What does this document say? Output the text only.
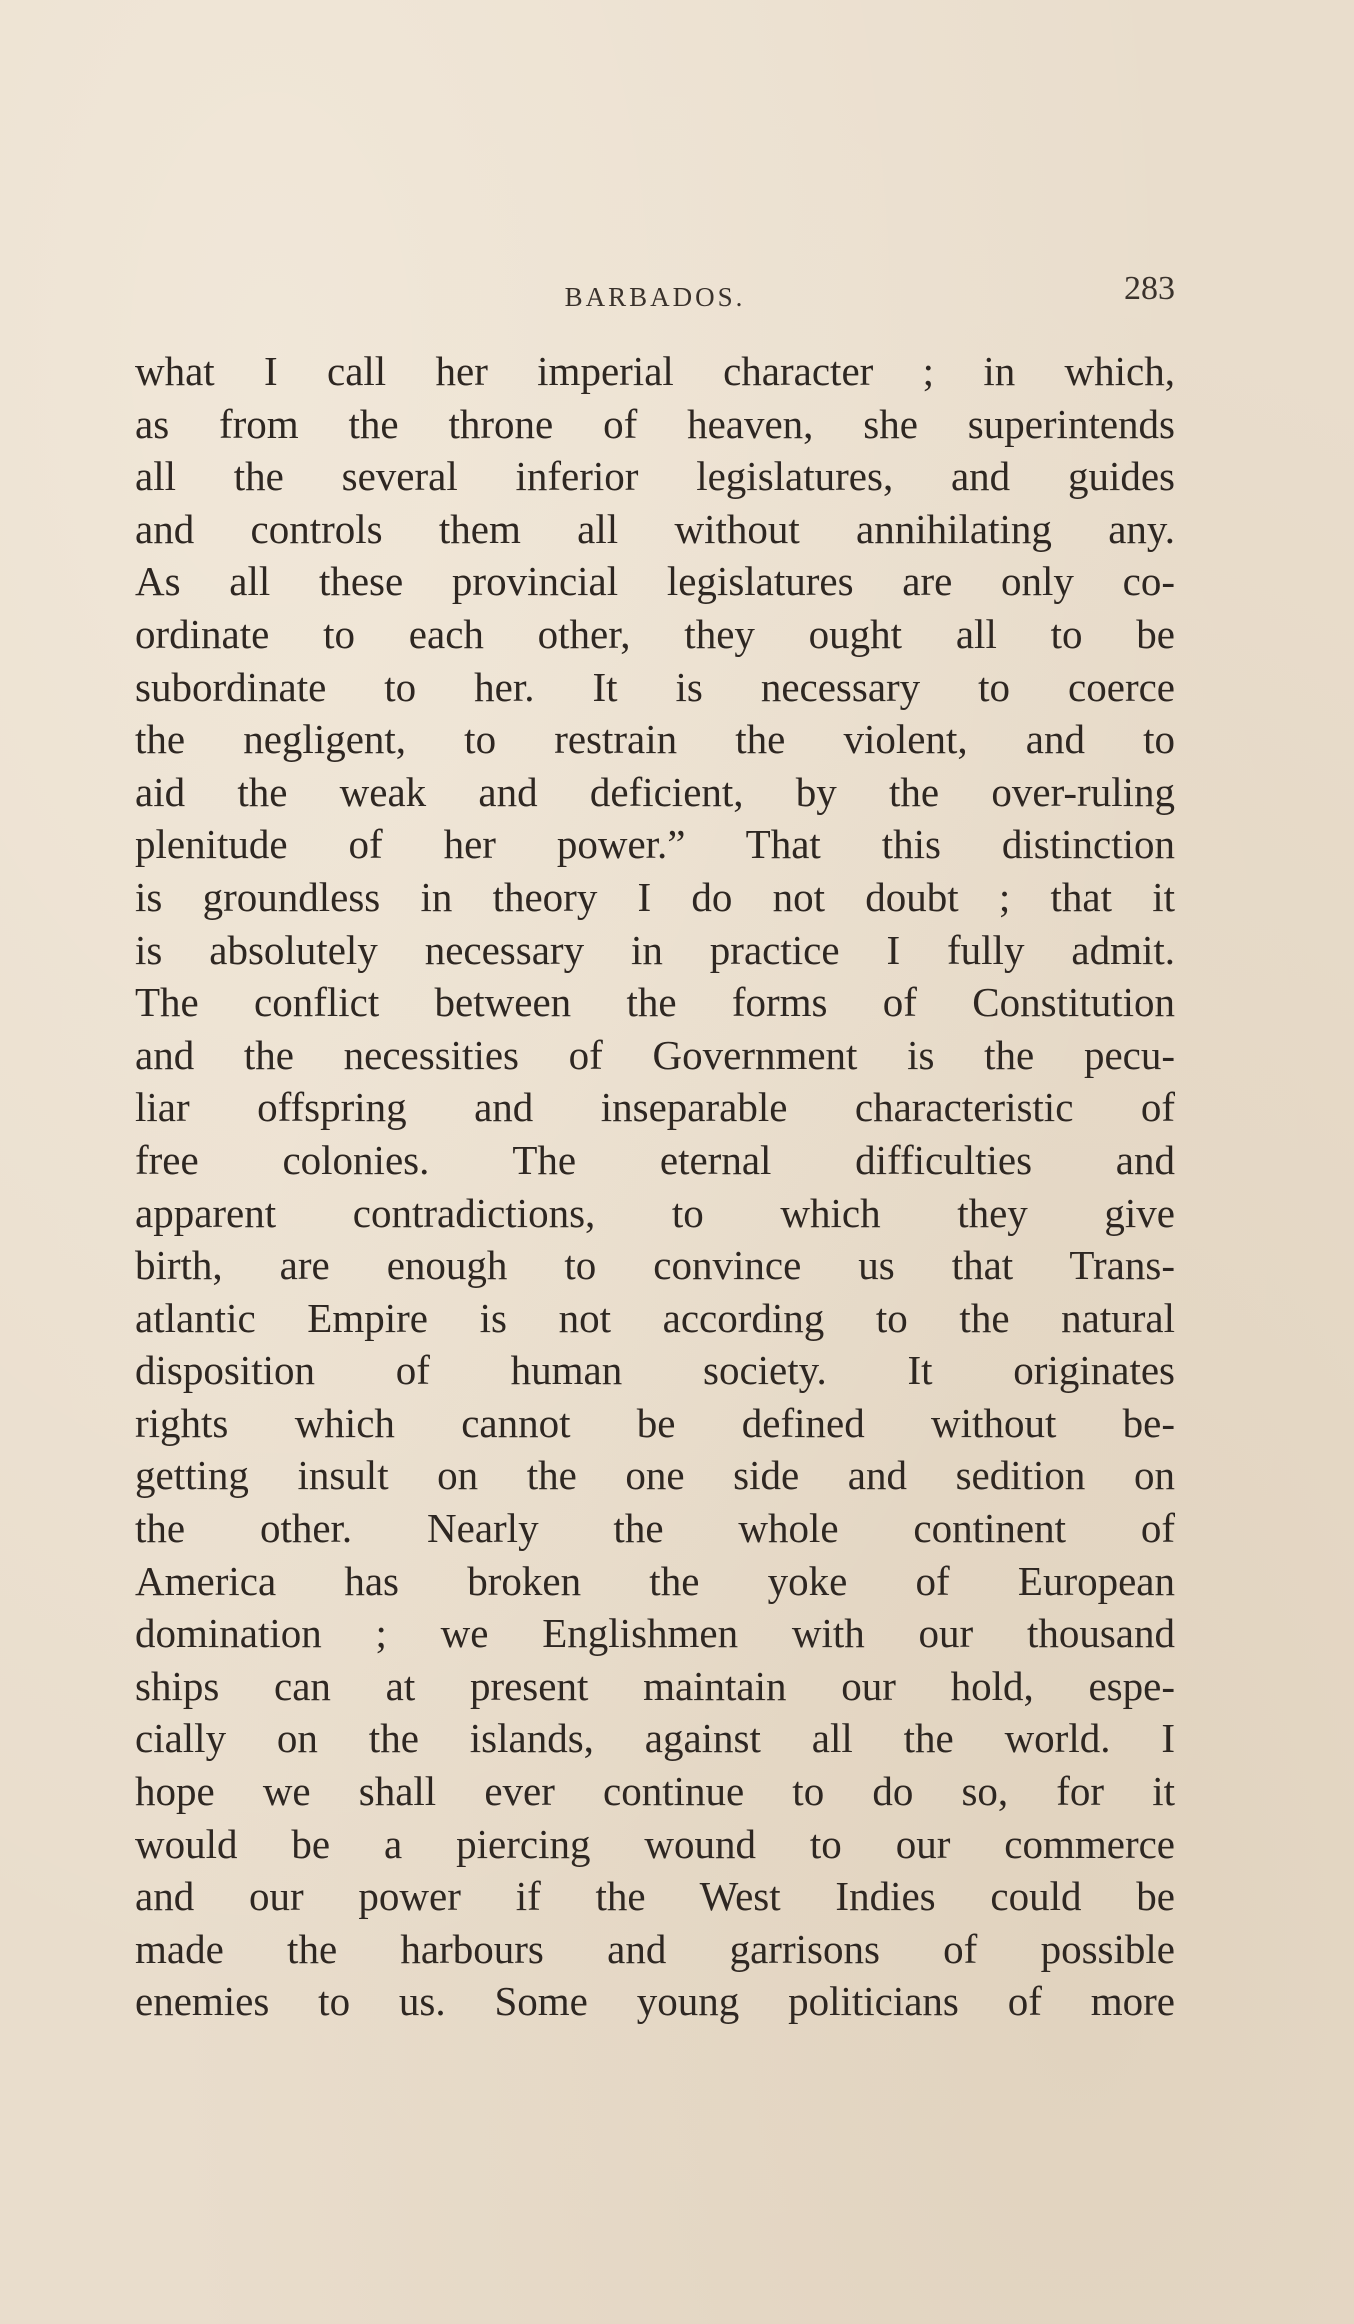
BARBADOS.	283
what I call her imperial character ; in which,
as from the throne of heaven, she superintends
all the several inferior legislatures, and guides
and controls them all without annihilating any.
As all these provincial legislatures are only co-
ordinate to each other, they ought all to be
subordinate to her. It is necessary to coerce
the negligent, to restrain the violent, and to
aid the weak and deficient, by the over-ruling
plenitude of her power.” That this distinction
is groundless in theory I do not doubt ; that it
is absolutely necessary in practice I fully admit.
The conflict between the forms of Constitution
and the necessities of Government is the pecu-
liar offspring and inseparable characteristic of
free colonies. The eternal difficulties and
apparent contradictions, to which they give
birth, are enough to convince us that Trans-
atlantic Empire is not according to the natural
disposition of human society. It originates
rights which cannot be defined without be-
getting insult on the one side and sedition on
the other. Nearly the whole continent of
America has broken the yoke of European
domination ; we Englishmen with our thousand
ships can at present maintain our hold, espe-
cially on the islands, against all the world. I
hope we shall ever continue to do so, for it
would be a piercing wound to our commerce
and our power if the West Indies could be
made the harbours and garrisons of possible
enemies to us. Some young politicians of more
